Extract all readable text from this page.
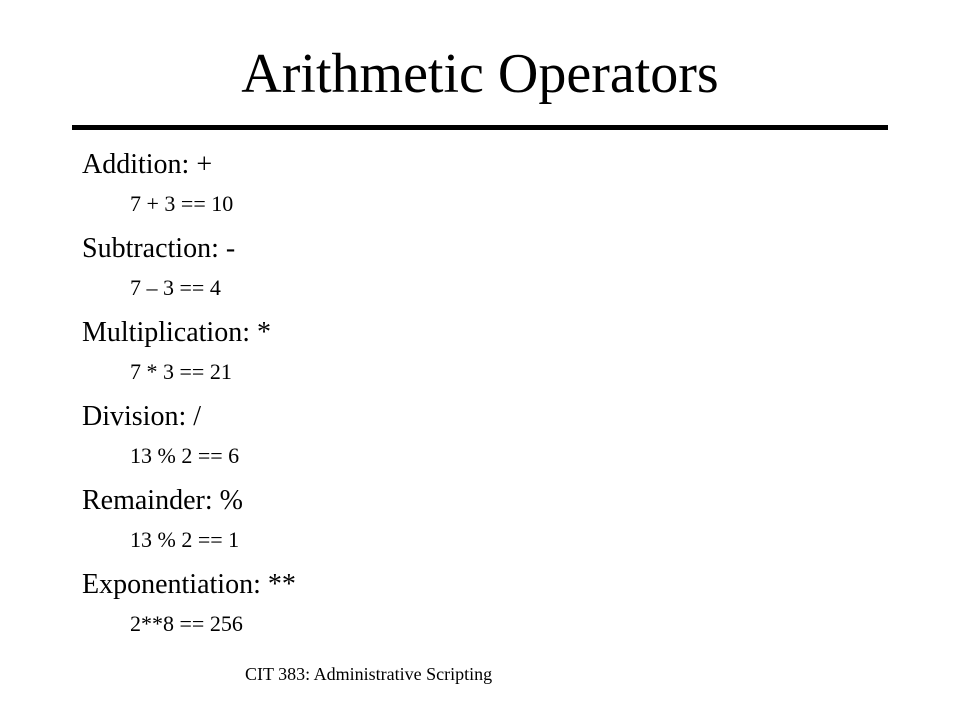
Arithmetic Operators
Addition: +
7 + 3 == 10
Subtraction: -
7 – 3 == 4
Multiplication: *
7 * 3 == 21
Division: /
13 % 2 == 6
Remainder: %
13 % 2 == 1
Exponentiation: **
2**8 == 256
CIT 383: Administrative Scripting
